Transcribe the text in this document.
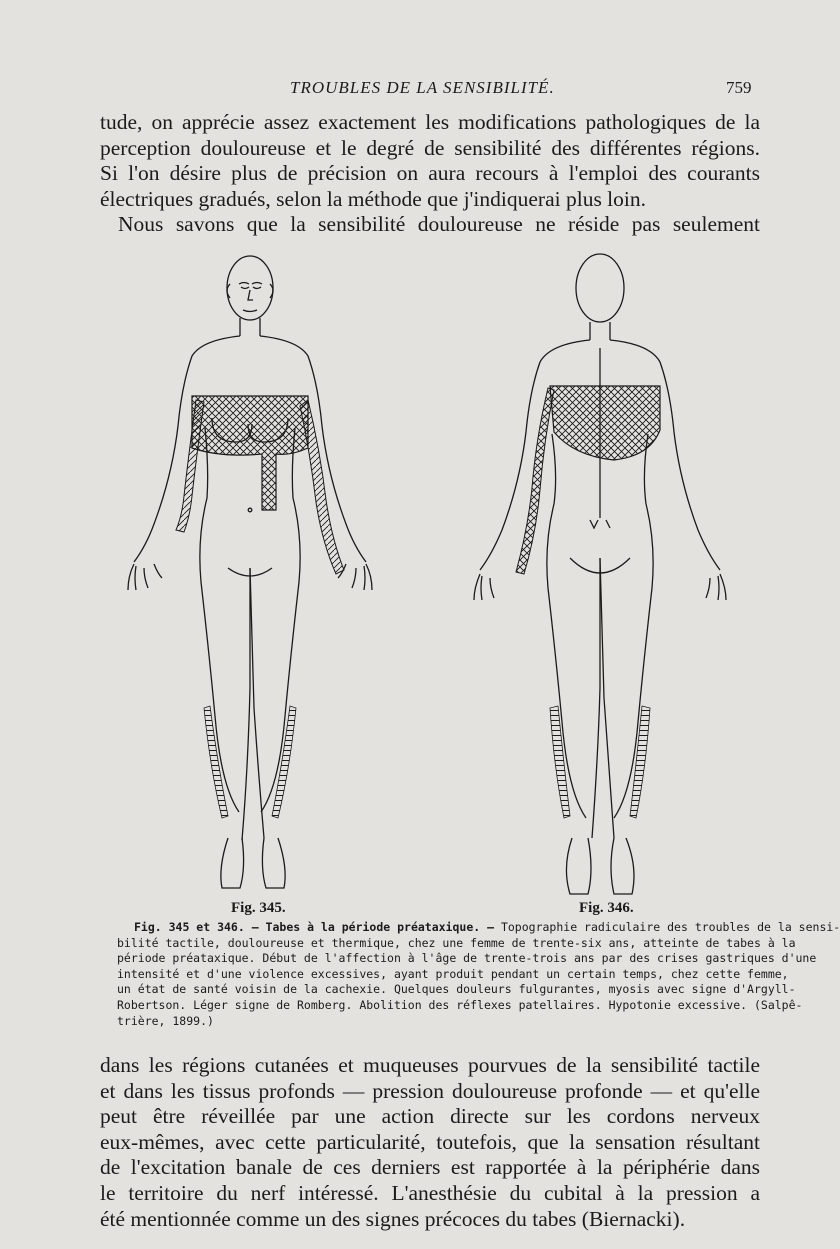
TROUBLES DE LA SENSIBILITÉ.	759
tude, on apprécie assez exactement les modifications pathologiques de la
perception douloureuse et le degré de sensibilité des différentes régions.
Si l'on désire plus de précision on aura recours à l'emploi des courants
électriques gradués, selon la méthode que j'indiquerai plus loin.
Nous savons que la sensibilité douloureuse ne réside pas seulement
Fig. 345.	Fig. 346.
Fig. 345 et 346. — Tabes à la période préataxique. — Topographie radiculaire des troubles de la sensi-
bilité tactile, douloureuse et thermique, chez une femme de trente-six ans, atteinte de tabes à la
période préataxique. Début de l'affection à l'âge de trente-trois ans par des crises gastriques d'une
intensité et d'une violence excessives, ayant produit pendant un certain temps, chez cette femme,
un état de santé voisin de la cachexie. Quelques douleurs fulgurantes, myosis avec signe d'Argyll-
Robertson. Léger signe de Romberg. Abolition des réflexes patellaires. Hypotonie excessive. (Salpê-
trière, 1899.)
dans les régions cutanées et muqueuses pourvues de la sensibilité tactile
et dans les tissus profonds — pression douloureuse profonde — et qu'elle
peut être réveillée par une action directe sur les cordons nerveux
eux-mêmes, avec cette particularité, toutefois, que la sensation résultant
de l'excitation banale de ces derniers est rapportée à la périphérie dans
le territoire du nerf intéressé. L'anesthésie du cubital à la pression a
été mentionnée comme un des signes précoces du tabes (Biernacki).
